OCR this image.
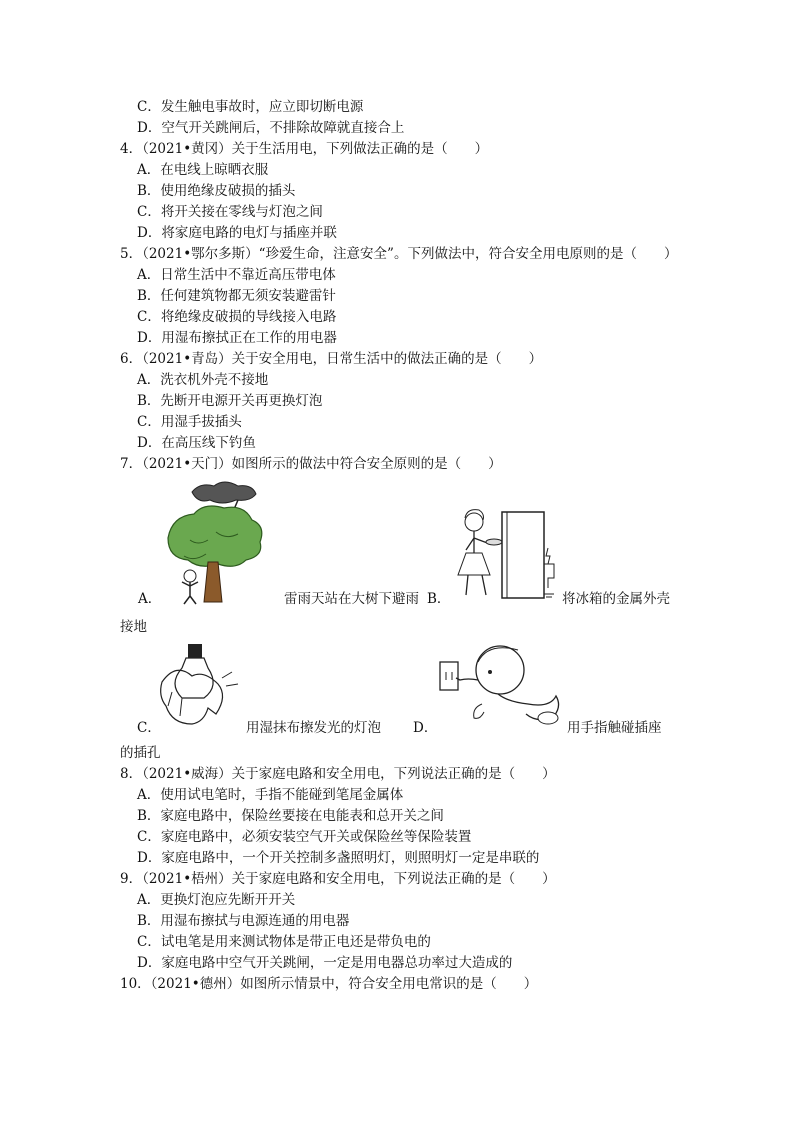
C．发生触电事故时，应立即切断电源
D．空气开关跳闸后，不排除故障就直接合上
4．（2021•黄冈）关于生活用电，下列做法正确的是（　　）
A．在电线上晾晒衣服
B．使用绝缘皮破损的插头
C．将开关接在零线与灯泡之间
D．将家庭电路的电灯与插座并联
5．（2021•鄂尔多斯）“珍爱生命，注意安全”。下列做法中，符合安全用电原则的是（　　）
A．日常生活中不靠近高压带电体
B．任何建筑物都无须安装避雷针
C．将绝缘皮破损的导线接入电路
D．用湿布擦拭正在工作的用电器
6．（2021•青岛）关于安全用电，日常生活中的做法正确的是（　　）
A．洗衣机外壳不接地
B．先断开电源开关再更换灯泡
C．用湿手拔插头
D．在高压线下钓鱼
7．（2021•天门）如图所示的做法中符合安全原则的是（　　）
A．	雷雨天站在大树下避雨 B．	将冰箱的金属外壳
接地
C．	用湿抹布擦发光的灯泡 D．	用手指触碰插座
的插孔
8．（2021•威海）关于家庭电路和安全用电，下列说法正确的是（　　）
A．使用试电笔时，手指不能碰到笔尾金属体
B．家庭电路中，保险丝要接在电能表和总开关之间
C．家庭电路中，必须安装空气开关或保险丝等保险装置
D．家庭电路中，一个开关控制多盏照明灯，则照明灯一定是串联的
9．（2021•梧州）关于家庭电路和安全用电，下列说法正确的是（　　）
A．更换灯泡应先断开开关
B．用湿布擦拭与电源连通的用电器
C．试电笔是用来测试物体是带正电还是带负电的
D．家庭电路中空气开关跳闸，一定是用电器总功率过大造成的
10．（2021•德州）如图所示情景中，符合安全用电常识的是（　　）
